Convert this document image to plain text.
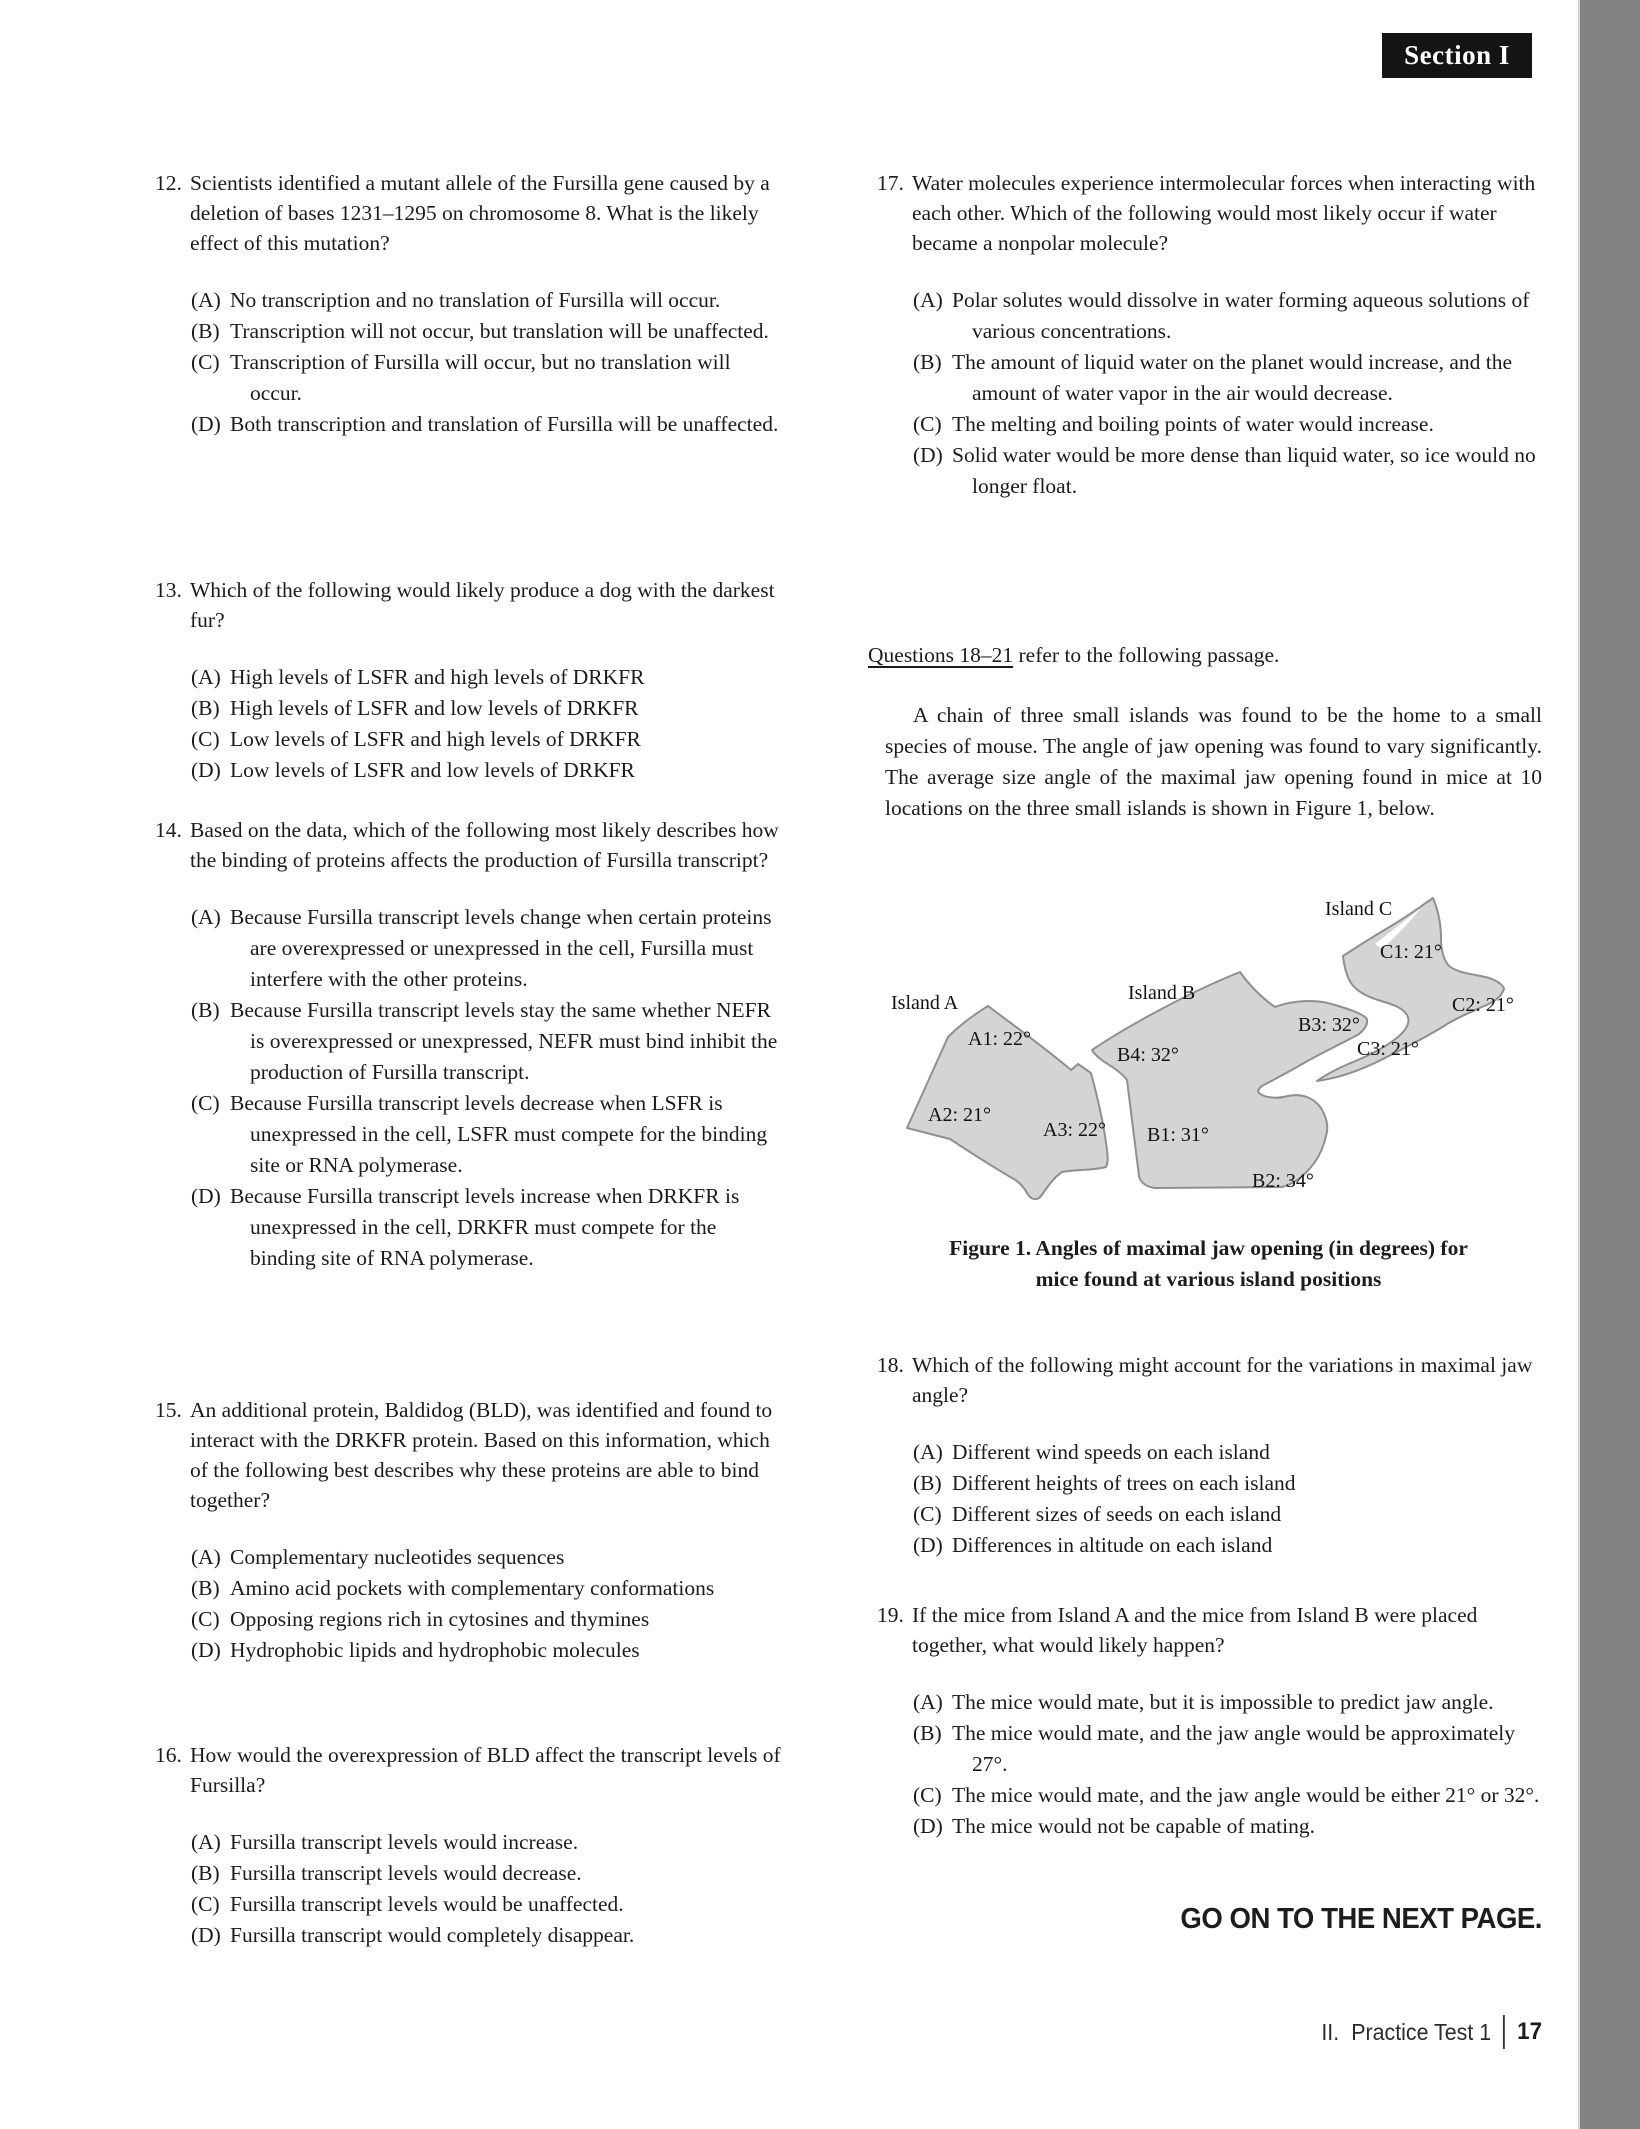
Section I
12. Scientists identified a mutant allele of the Fursilla gene caused by a deletion of bases 1231–1295 on chromosome 8. What is the likely effect of this mutation?
(A) No transcription and no translation of Fursilla will occur.
(B) Transcription will not occur, but translation will be unaffected.
(C) Transcription of Fursilla will occur, but no translation will occur.
(D) Both transcription and translation of Fursilla will be unaffected.
13. Which of the following would likely produce a dog with the darkest fur?
(A) High levels of LSFR and high levels of DRKFR
(B) High levels of LSFR and low levels of DRKFR
(C) Low levels of LSFR and high levels of DRKFR
(D) Low levels of LSFR and low levels of DRKFR
14. Based on the data, which of the following most likely describes how the binding of proteins affects the production of Fursilla transcript?
(A) Because Fursilla transcript levels change when certain proteins are overexpressed or unexpressed in the cell, Fursilla must interfere with the other proteins.
(B) Because Fursilla transcript levels stay the same whether NEFR is overexpressed or unexpressed, NEFR must bind inhibit the production of Fursilla transcript.
(C) Because Fursilla transcript levels decrease when LSFR is unexpressed in the cell, LSFR must compete for the binding site or RNA polymerase.
(D) Because Fursilla transcript levels increase when DRKFR is unexpressed in the cell, DRKFR must compete for the binding site of RNA polymerase.
15. An additional protein, Baldidog (BLD), was identified and found to interact with the DRKFR protein. Based on this information, which of the following best describes why these proteins are able to bind together?
(A) Complementary nucleotides sequences
(B) Amino acid pockets with complementary conformations
(C) Opposing regions rich in cytosines and thymines
(D) Hydrophobic lipids and hydrophobic molecules
16. How would the overexpression of BLD affect the transcript levels of Fursilla?
(A) Fursilla transcript levels would increase.
(B) Fursilla transcript levels would decrease.
(C) Fursilla transcript levels would be unaffected.
(D) Fursilla transcript would completely disappear.
17. Water molecules experience intermolecular forces when interacting with each other. Which of the following would most likely occur if water became a nonpolar molecule?
(A) Polar solutes would dissolve in water forming aqueous solutions of various concentrations.
(B) The amount of liquid water on the planet would increase, and the amount of water vapor in the air would decrease.
(C) The melting and boiling points of water would increase.
(D) Solid water would be more dense than liquid water, so ice would no longer float.
Questions 18–21 refer to the following passage.
A chain of three small islands was found to be the home to a small species of mouse. The angle of jaw opening was found to vary significantly. The average size angle of the maximal jaw opening found in mice at 10 locations on the three small islands is shown in Figure 1, below.
Island A
A1: 22°
A2: 21°
A3: 22°
Island B
B4: 32°
B3: 32°
B1: 31°
B2: 34°
Island C
C1: 21°
C2: 21°
C3: 21°
Figure 1. Angles of maximal jaw opening (in degrees) for
mice found at various island positions
18. Which of the following might account for the variations in maximal jaw angle?
(A) Different wind speeds on each island
(B) Different heights of trees on each island
(C) Different sizes of seeds on each island
(D) Differences in altitude on each island
19. If the mice from Island A and the mice from Island B were placed together, what would likely happen?
(A) The mice would mate, but it is impossible to predict jaw angle.
(B) The mice would mate, and the jaw angle would be approximately 27°.
(C) The mice would mate, and the jaw angle would be either 21° or 32°.
(D) The mice would not be capable of mating.
GO ON TO THE NEXT PAGE.
II. Practice Test 1 17
